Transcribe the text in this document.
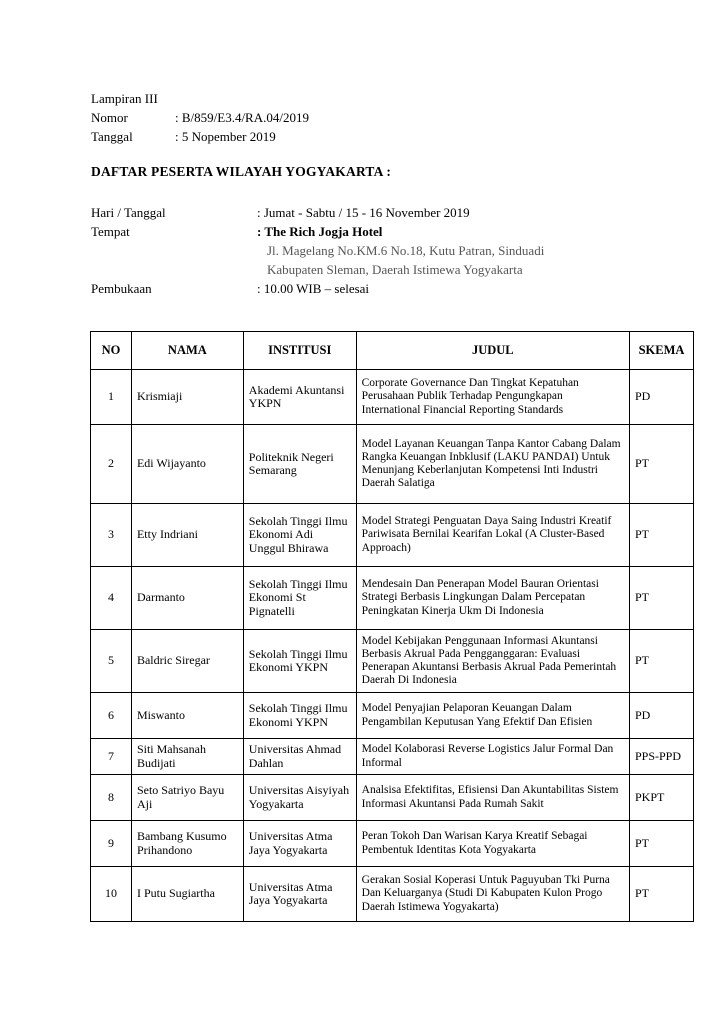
Lampiran III
Nomor	: B/859/E3.4/RA.04/2019
Tanggal	: 5 Nopember 2019
DAFTAR PESERTA WILAYAH YOGYAKARTA :
Hari / Tanggal	: Jumat - Sabtu / 15 - 16 November 2019
Tempat	: The Rich Jogja Hotel
Jl. Magelang No.KM.6 No.18, Kutu Patran, Sinduadi
Kabupaten Sleman, Daerah Istimewa Yogyakarta
Pembukaan	: 10.00 WIB – selesai
NO	NAMA	INSTITUSI	JUDUL	SKEMA
1	Krismiaji	Akademi Akuntansi YKPN	Corporate Governance Dan Tingkat Kepatuhan Perusahaan Publik Terhadap Pengungkapan International Financial Reporting Standards	PD
2	Edi Wijayanto	Politeknik Negeri Semarang	Model Layanan Keuangan Tanpa Kantor Cabang Dalam Rangka Keuangan Inbklusif (LAKU PANDAI) Untuk Menunjang Keberlanjutan Kompetensi Inti Industri Daerah Salatiga	PT
3	Etty Indriani	Sekolah Tinggi Ilmu Ekonomi Adi Unggul Bhirawa	Model Strategi Penguatan Daya Saing Industri Kreatif Pariwisata Bernilai Kearifan Lokal (A Cluster-Based Approach)	PT
4	Darmanto	Sekolah Tinggi Ilmu Ekonomi St Pignatelli	Mendesain Dan Penerapan Model Bauran Orientasi Strategi Berbasis Lingkungan Dalam Percepatan Peningkatan Kinerja Ukm Di Indonesia	PT
5	Baldric Siregar	Sekolah Tinggi Ilmu Ekonomi YKPN	Model Kebijakan Penggunaan Informasi Akuntansi Berbasis Akrual Pada Pengganggaran: Evaluasi Penerapan Akuntansi Berbasis Akrual Pada Pemerintah Daerah Di Indonesia	PT
6	Miswanto	Sekolah Tinggi Ilmu Ekonomi YKPN	Model Penyajian Pelaporan Keuangan Dalam Pengambilan Keputusan Yang Efektif Dan Efisien	PD
7	Siti Mahsanah Budijati	Universitas Ahmad Dahlan	Model Kolaborasi Reverse Logistics Jalur Formal Dan Informal	PPS-PPD
8	Seto Satriyo Bayu Aji	Universitas Aisyiyah Yogyakarta	Analsisa Efektifitas, Efisiensi Dan Akuntabilitas Sistem Informasi Akuntansi Pada Rumah Sakit	PKPT
9	Bambang Kusumo Prihandono	Universitas Atma Jaya Yogyakarta	Peran Tokoh Dan Warisan Karya Kreatif Sebagai Pembentuk Identitas Kota Yogyakarta	PT
10	I Putu Sugiartha	Universitas Atma Jaya Yogyakarta	Gerakan Sosial Koperasi Untuk Paguyuban Tki Purna Dan Keluarganya (Studi Di Kabupaten Kulon Progo Daerah Istimewa Yogyakarta)	PT
